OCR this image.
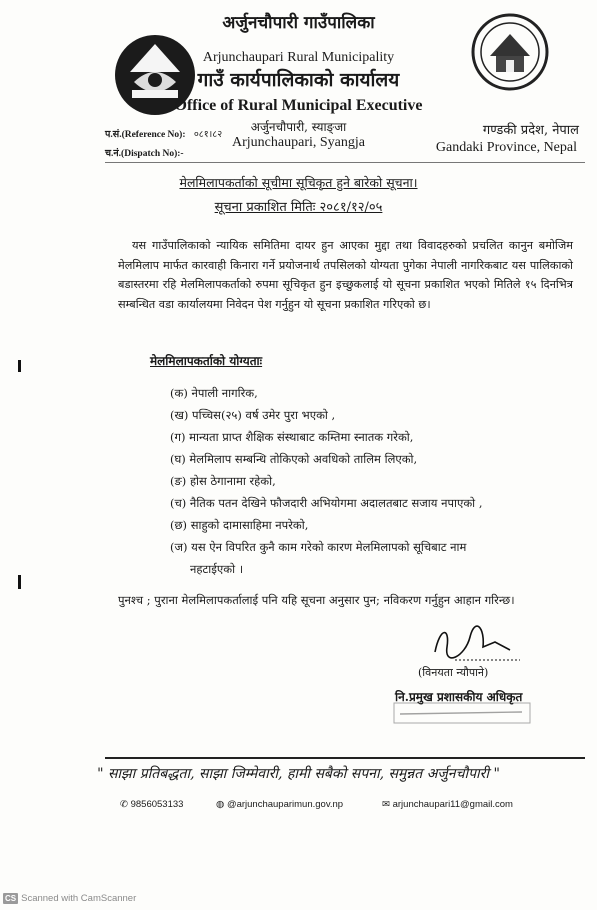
अर्जुनचौपारी गाउँपालिका
Arjunchaupari Rural Municipality
गाउँ कार्यपालिकाको कार्यालय
Office of Rural Municipal Executive
अर्जुनचौपारी, स्याङ्जा
Arjunchaupari, Syangja
प.सं.(Reference No): ०८१।८२
च.नं.(Dispatch No):-
गण्डकी प्रदेश, नेपाल
Gandaki Province, Nepal
मेलमिलापकर्ताको सूचीमा सूचिकृत हुने बारेको सूचना।
सूचना प्रकाशित मितिः २०८१/१२/०५
यस गाउँपालिकाको न्यायिक समितिमा दायर हुन आएका मुद्दा तथा विवादहरुको प्रचलित कानुन बमोजिम मेलमिलाप मार्फत कारवाही किनारा गर्ने प्रयोजनार्थ तपसिलको योग्यता पुगेका नेपाली नागरिकबाट यस पालिकाको बडास्तरमा रहि मेलमिलापकर्ताको रुपमा सूचिकृत हुन इच्छुकलाई यो सूचना प्रकाशित भएको मितिले १५ दिनभित्र सम्बन्धित वडा कार्यालयमा निवेदन पेश गर्नुहुन यो सूचना प्रकाशित गरिएको छ।
मेलमिलापकर्ताको योग्यताः
(क) नेपाली नागरिक,
(ख) पच्चिस(२५) वर्ष उमेर पुरा भएको ,
(ग) मान्यता प्राप्त शैक्षिक संस्थाबाट कम्तिमा स्नातक गरेको,
(घ) मेलमिलाप सम्बन्धि तोकिएको अवधिको तालिम लिएको,
(ङ) होस ठेगानामा रहेको,
(च) नैतिक पतन देखिने फौजदारी अभियोगमा अदालतबाट सजाय नपाएको ,
(छ) साहुको दामासाहिमा नपरेको,
(ज) यस ऐन विपरित कुनै काम गरेको कारण मेलमिलापको सूचिबाट नाम
नहटाईएको ।
पुनश्च ; पुराना मेलमिलापकर्तालाई पनि यहि सूचना अनुसार पुन; नविकरण गर्नुहुन आहान गरिन्छ।
(विनयता न्यौपाने)
नि.प्रमुख प्रशासकीय अधिकृत
" साझा प्रतिबद्धता, साझा जिम्मेवारी, हामी सबैको सपना, समुन्नत अर्जुनचौपारी "
✆ 9856053133	◍ @arjunchauparimun.gov.np	✉ arjunchaupari11@gmail.com
CS Scanned with CamScanner
